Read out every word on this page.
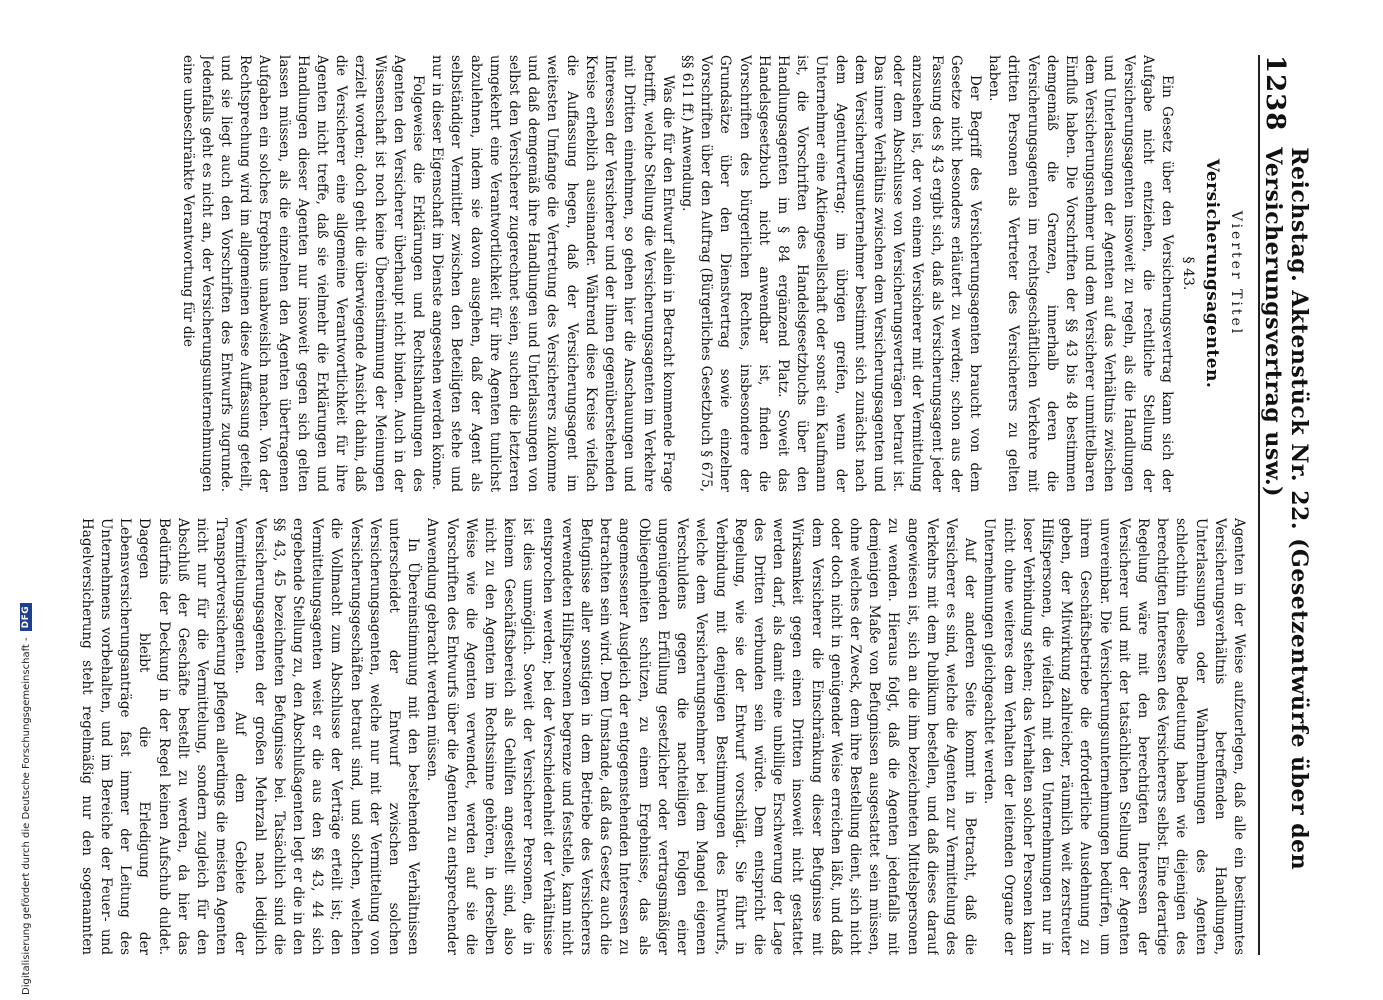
1238
Reichstag. Aktenstück Nr. 22. (Gesetzentwürfe über den Versicherungsvertrag usw.)

Vierter Titel

Versicherungsagenten.

§ 43.

Ein Gesetz über den Versicherungsvertrag kann sich der Aufgabe nicht entziehen, die rechtliche Stellung der Versicherungsagenten insoweit zu regeln, als die Handlungen und Unterlassungen der Agenten auf das Verhältnis zwischen dem Versicherungsnehmer und dem Versicherer unmittelbaren Einfluß haben. Die Vorschriften der §§ 43 bis 48 bestimmen demgemäß die Grenzen, innerhalb deren die Versicherungsagenten im rechtsgeschäftlichen Verkehre mit dritten Personen als Vertreter des Versicherers zu gelten haben.

Der Begriff des Versicherungsagenten braucht von dem Gesetze nicht besonders erläutert zu werden; schon aus der Fassung des § 43 ergibt sich, daß als Versicherungsagent jeder anzusehen ist, der von einem Versicherer mit der Vermittelung oder dem Abschlusse von Versicherungsverträgen betraut ist. Das innere Verhältnis zwischen dem Versicherungsagenten und dem Versicherungsunternehmer bestimmt sich zunächst nach dem Agenturvertrag; im übrigen greifen, wenn der Unternehmer eine Aktiengesellschaft oder sonst ein Kaufmann ist, die Vorschriften des Handelsgesetzbuchs über den Handlungsagenten im § 84 ergänzend Platz. Soweit das Handelsgesetzbuch nicht anwendbar ist, finden die Vorschriften des bürgerlichen Rechtes, insbesondere der Grundsätze über den Dienstvertrag sowie einzelner Vorschriften über den Auftrag (Bürgerliches Gesetzbuch § 675, §§ 611 ff.) Anwendung.

Was die für den Entwurf allein in Betracht kommende Frage betrifft, welche Stellung die Versicherungsagenten im Verkehre mit Dritten einnehmen, so gehen hier die Anschauungen und Interessen der Versicherer und der ihnen gegenüberstehenden Kreise erheblich auseinander. Während diese Kreise vielfach die Auffassung hegen, daß der Versicherungsagent im weitesten Umfange die Vertretung des Versicherers zukomme und daß demgemäß ihre Handlungen und Unterlassungen von selbst den Versicherer zugerechnet seien, suchen die letzteren umgekehrt eine Verantwortlichkeit für ihre Agenten tunlichst abzulehnen, indem sie davon ausgehen, daß der Agent als selbständiger Vermittler zwischen den Beteiligten stehe und nur in dieser Eigenschaft im Dienste angesehen werden könne.

Folgeweise die Erklärungen und Rechtshandlungen des Agenten den Versicherer überhaupt nicht binden. Auch in der Wissenschaft ist noch keine Übereinstimmung der Meinungen erzielt worden; doch geht die überwiegende Ansicht dahin, daß die Versicherer eine allgemeine Verantwortlichkeit für ihre Agenten nicht treffe, daß sie vielmehr die Erklärungen und Handlungen dieser Agenten nur insoweit gegen sich gelten lassen müssen, als die einzelnen den Agenten übertragenen Aufgaben ein solches Ergebnis unabweislich machen. Von der Rechtsprechung wird im allgemeinen diese Auffassung geteilt, und sie liegt auch den Vorschriften des Entwurfs zugrunde. Jedenfalls geht es nicht an, der Versicherungsunternehmungen eine unbeschränkte Verantwortung für die

Agenten in der Weise aufzuerlegen, daß alle ein bestimmtes Versicherungsverhältnis betreffenden Handlungen, Unterlassungen oder Wahrnehmungen des Agenten schlechthin dieselbe Bedeutung haben wie diejenigen des berechtigten Interessen des Versicherers selbst. Eine derartige Regelung wäre mit den berechtigten Interessen der Versicherer und mit der tatsächlichen Stellung der Agenten unvereinbar. Die Versicherungsunternehmungen bedürfen, um ihrem Geschäftsbetriebe die erforderliche Ausdehnung zu geben, der Mitwirkung zahlreicher, räumlich weit zerstreuter Hilfspersonen, die vielfach mit den Unternehmungen nur in loser Verbindung stehen; das Verhalten solcher Personen kann nicht ohne weiteres dem Verhalten der leitenden Organe der Unternehmungen gleichgeachtet werden.

Auf der anderen Seite kommt in Betracht, daß die Versicherer es sind, welche die Agenten zur Vermittelung des Verkehrs mit dem Publikum bestellen, und daß dieses darauf angewiesen ist, sich an die ihm bezeichneten Mittelspersonen zu wenden. Hieraus folgt, daß die Agenten jedenfalls mit demjenigen Maße von Befugnissen ausgestattet sein müssen, ohne welches der Zweck, dem ihre Bestellung dient, sich nicht oder doch nicht in genügender Weise erreichen läßt, und daß dem Versicherer die Einschränkung dieser Befugnisse mit Wirksamkeit gegen einen Dritten insoweit nicht gestattet werden darf, als damit eine unbillige Erschwerung der Lage des Dritten verbunden sein würde. Dem entspricht die Regelung, wie sie der Entwurf vorschlägt. Sie führt in Verbindung mit denjenigen Bestimmungen des Entwurfs, welche dem Versicherungsnehmer bei dem Mangel eigenen Verschuldens gegen die nachteiligen Folgen einer ungenügenden Erfüllung gesetzlicher oder vertragsmäßiger Obliegenheiten schützen, zu einem Ergebnisse, das als angemessener Ausgleich der entgegenstehenden Interessen zu betrachten sein wird. Dem Umstande, daß das Gesetz auch die Befugnisse aller sonstigen in dem Betriebe des Versicherers verwendeten Hilfspersonen begrenze und feststelle, kann nicht entsprochen werden; bei der Verschiedenheit der Verhältnisse ist dies unmöglich. Soweit der Versicherer Personen, die in keinem Geschäftsbereich als Gehilfen angestellt sind, also nicht zu den Agenten im Rechtssinne gehören, in derselben Weise wie die Agenten verwendet, werden auf sie die Vorschriften des Entwurfs über die Agenten zu entsprechender Anwendung gebracht werden müssen.

In Übereinstimmung mit den bestehenden Verhältnissen unterscheidet der Entwurf zwischen solchen Versicherungsagenten, welche nur mit der Vermittelung von Versicherungsgeschäften betraut sind, und solchen, welchen die Vollmacht zum Abschlusse der Verträge erteilt ist; den Vermittelungsagenten weist er die aus den §§ 43, 44 sich ergebende Stellung zu, den Abschlußagenten legt er die in den §§ 43, 45 bezeichneten Befugnisse bei. Tatsächlich sind die Versicherungsagenten der großen Mehrzahl nach lediglich Vermittelungsagenten. Auf dem Gebiete der Transportversicherung pflegen allerdings die meisten Agenten nicht nur für die Vermittelung, sondern zugleich für den Abschluß der Geschäfte bestellt zu werden, da hier das Bedürfnis der Deckung in der Regel keinen Aufschub duldet. Dagegen bleibt die Erledigung der Lebensversicherungsanträge fast immer der Leitung des Unternehmens vorbehalten, und im Bereiche der Feuer- und Hagelversicherung steht regelmäßig nur den sogenannten

Digitalisierung gefördert durch die Deutsche Forschungsgemeinschaft -
DFG
